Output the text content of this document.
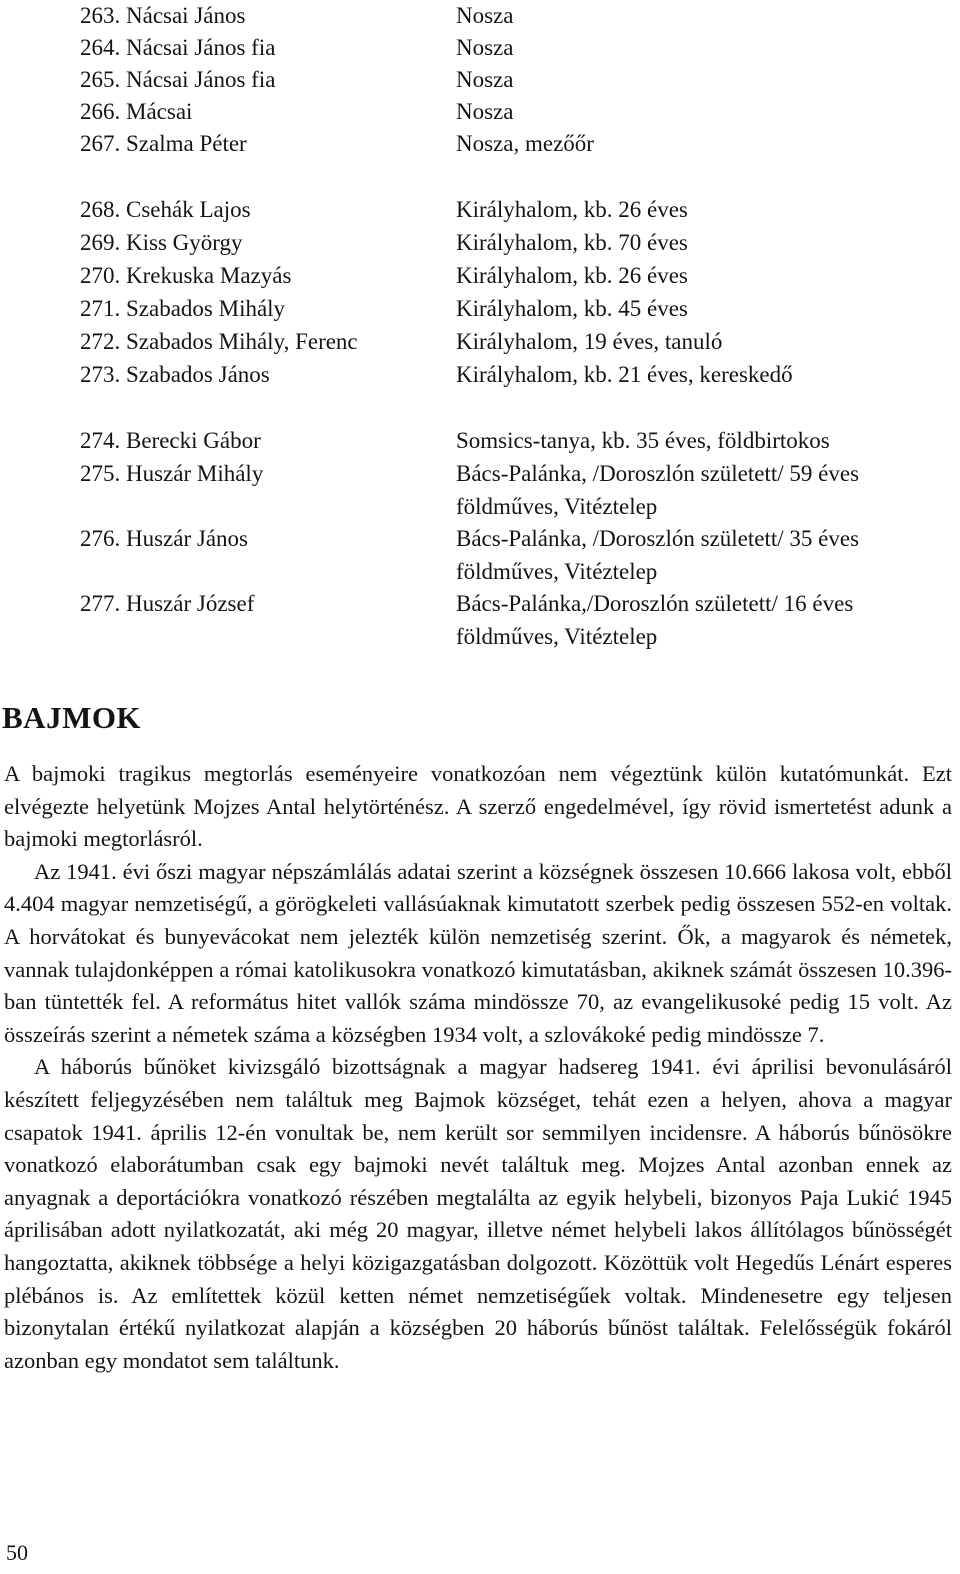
263. Nácsai János	Nosza
264. Nácsai János fia	Nosza
265. Nácsai János fia	Nosza
266. Mácsai	Nosza
267. Szalma Péter	Nosza, mezőőr
268. Csehák Lajos	Királyhalom, kb. 26 éves
269. Kiss György	Királyhalom, kb. 70 éves
270. Krekuska Mazyás	Királyhalom, kb. 26 éves
271. Szabados Mihály	Királyhalom, kb. 45 éves
272. Szabados Mihály, Ferenc	Királyhalom, 19 éves, tanuló
273. Szabados János	Királyhalom, kb. 21 éves, kereskedő
274. Berecki Gábor	Somsics-tanya, kb. 35 éves, földbirtokos
275. Huszár Mihály	Bács-Palánka, /Doroszlón született/ 59 éves földműves, Vitéztelep
276. Huszár János	Bács-Palánka, /Doroszlón született/ 35 éves földműves, Vitéztelep
277. Huszár József	Bács-Palánka,/Doroszlón született/ 16 éves földműves, Vitéztelep
BAJMOK

A bajmoki tragikus megtorlás eseményeire vonatkozóan nem végeztünk külön kutatómunkát. Ezt elvégezte helyetünk Mojzes Antal helytörténész. A szerző engedelmével, így rövid ismertetést adunk a bajmoki megtorlásról.

Az 1941. évi őszi magyar népszámlálás adatai szerint a községnek összesen 10.666 lakosa volt, ebből 4.404 magyar nemzetiségű, a görögkeleti vallásúaknak kimutatott szerbek pedig összesen 552-en voltak. A horvátokat és bunyevácokat nem jelezték külön nemzetiség szerint. Ők, a magyarok és németek, vannak tulajdonképpen a római katolikusokra vonatkozó kimutatásban, akiknek számát összesen 10.396-ban tüntették fel. A református hitet vallók száma mindössze 70, az evangelikusoké pedig 15 volt. Az összeírás szerint a németek száma a községben 1934 volt, a szlovákoké pedig mindössze 7.

A háborús bűnöket kivizsgáló bizottságnak a magyar hadsereg 1941. évi áprilisi bevonulásáról készített feljegyzésében nem találtuk meg Bajmok községet, tehát ezen a helyen, ahova a magyar csapatok 1941. április 12-én vonultak be, nem került sor semmilyen incidensre. A háborús bűnösökre vonatkozó elaborátumban csak egy bajmoki nevét találtuk meg. Mojzes Antal azonban ennek az anyagnak a deportációkra vonatkozó részében megtalálta az egyik helybeli, bizonyos Paja Lukić 1945 áprilisában adott nyilatkozatát, aki még 20 magyar, illetve német helybeli lakos állítólagos bűnösségét hangoztatta, akiknek többsége a helyi közigazgatásban dolgozott. Közöttük volt Hegedűs Lénárt esperes plébános is. Az említettek közül ketten német nemzetiségűek voltak. Mindenesetre egy teljesen bizonytalan értékű nyilatkozat alapján a községben 20 háborús bűnöst találtak. Felelősségük fokáról azonban egy mondatot sem találtunk.

50
